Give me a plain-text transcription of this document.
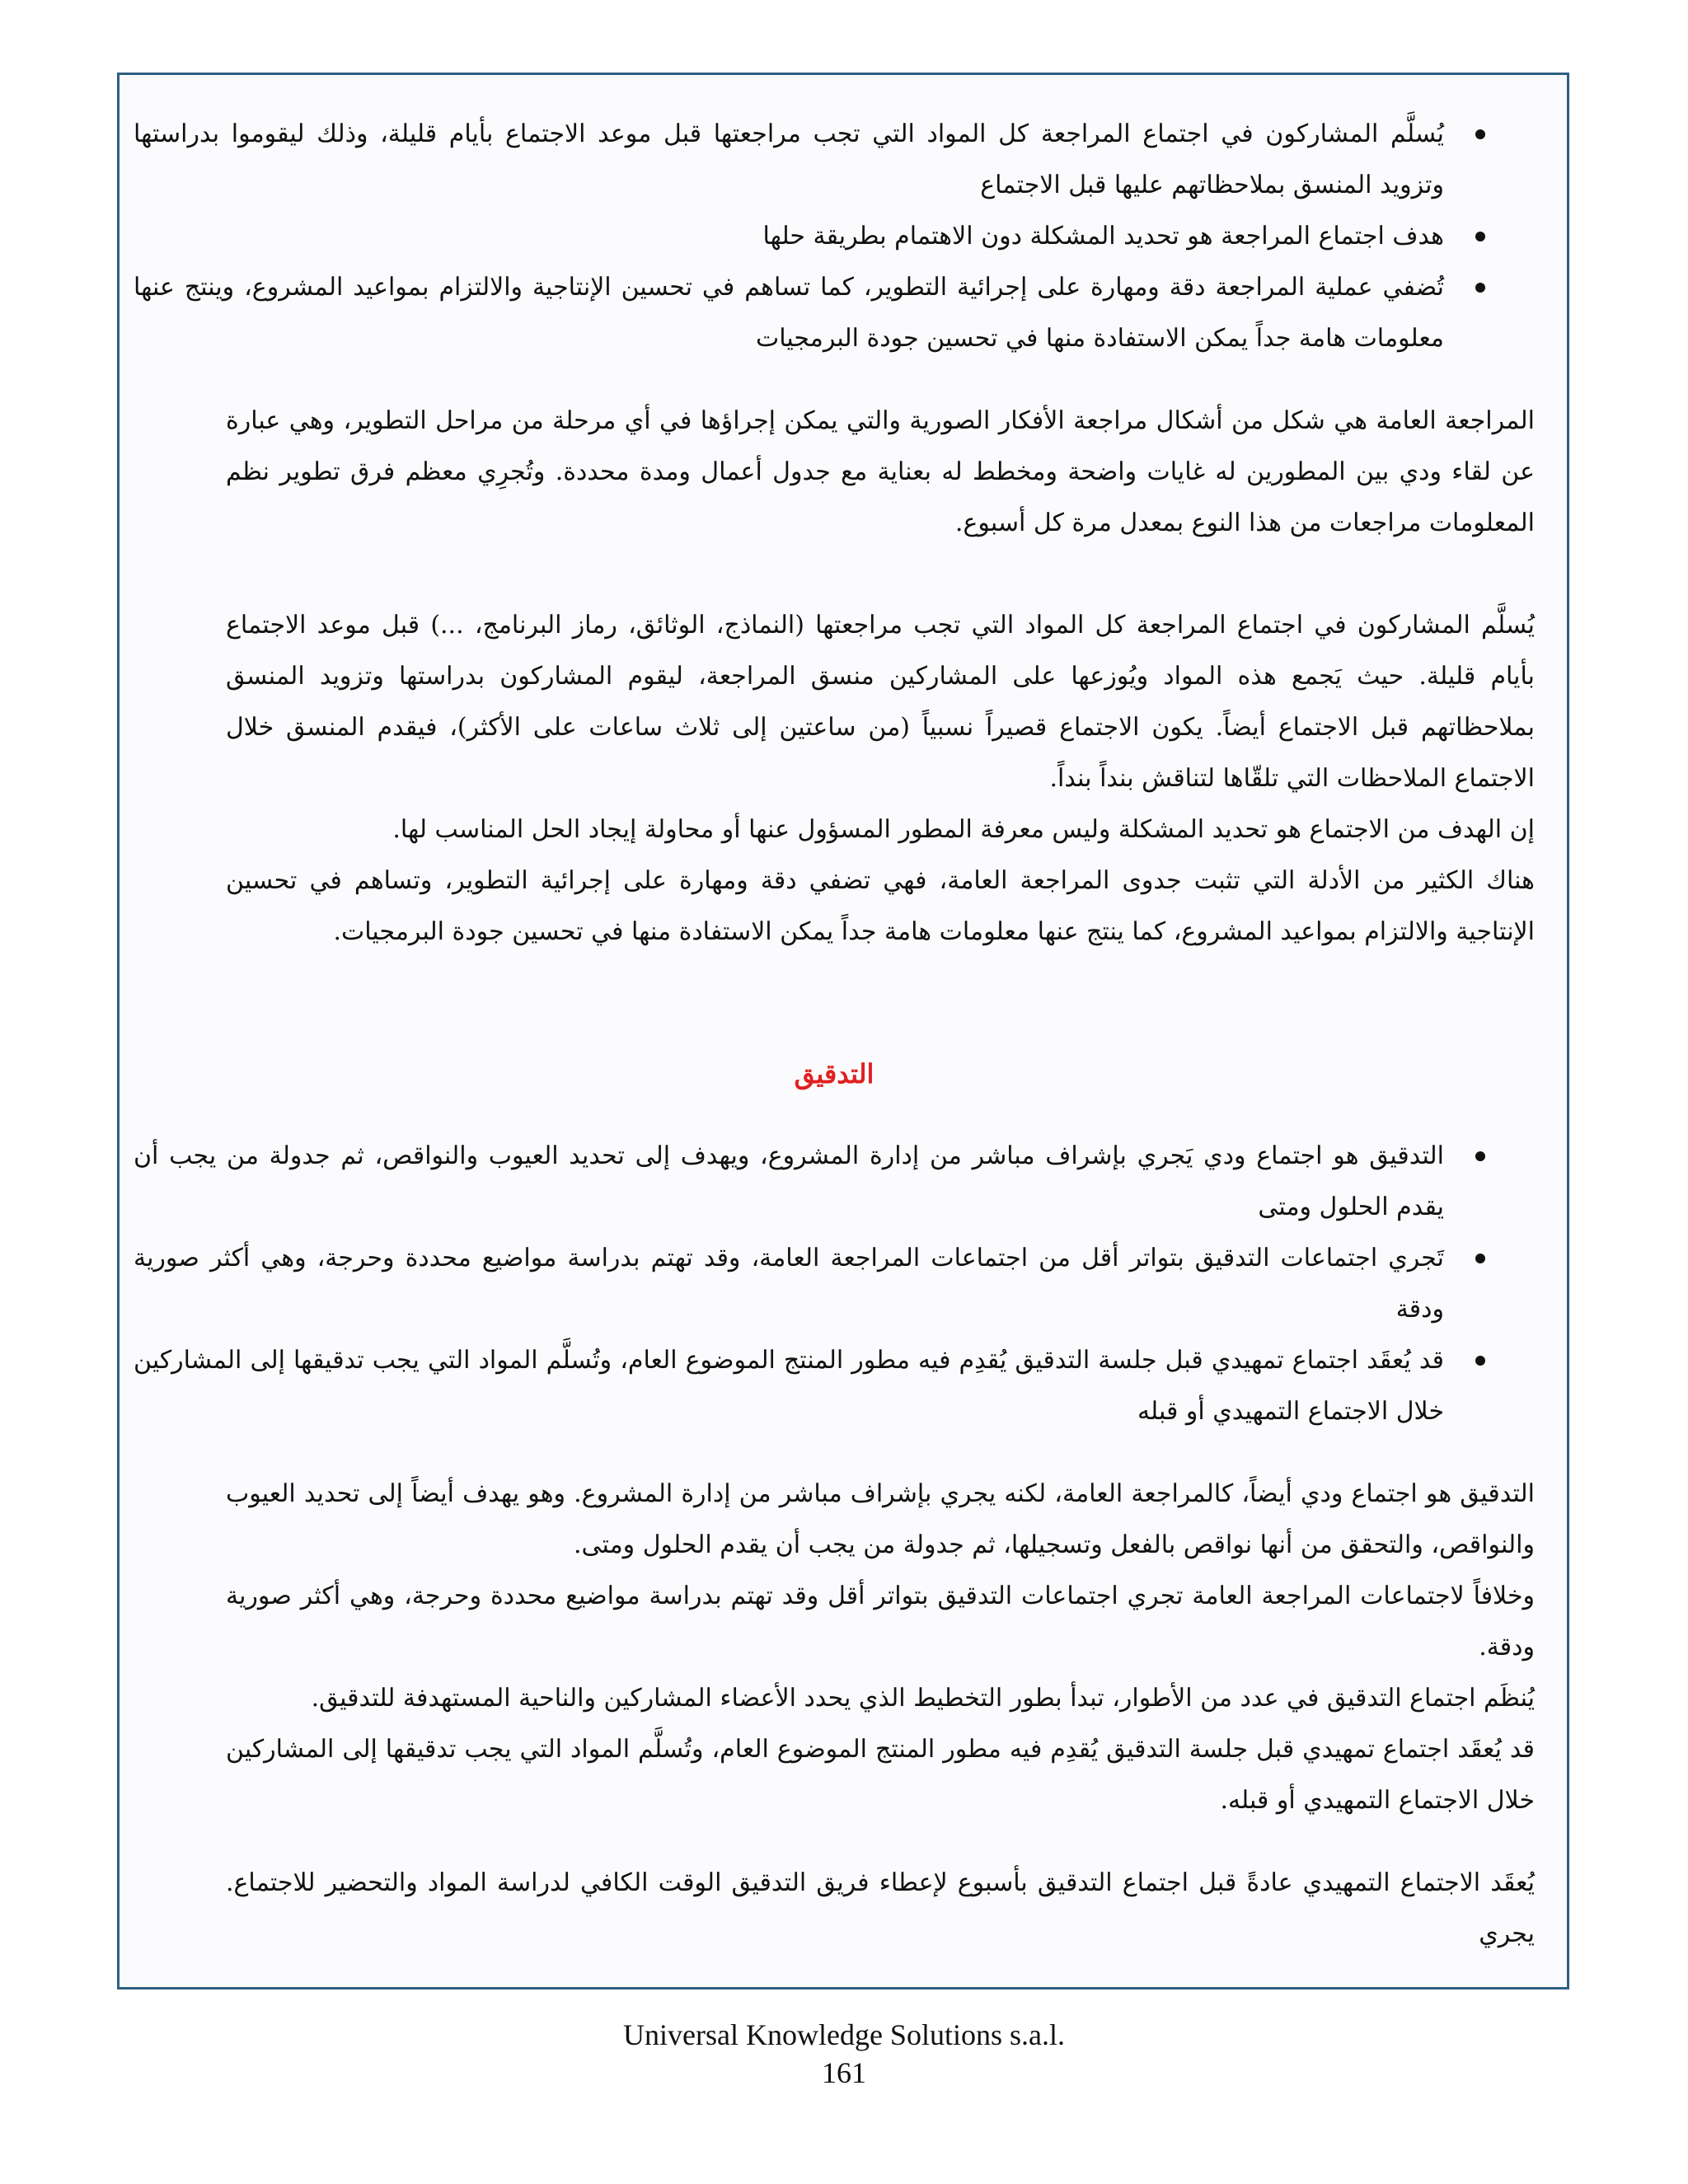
يُسلَّم المشاركون في اجتماع المراجعة كل المواد التي تجب مراجعتها قبل موعد الاجتماع بأيام قليلة، وذلك ليقوموا بدراستها وتزويد المنسق بملاحظاتهم عليها قبل الاجتماع
هدف اجتماع المراجعة هو تحديد المشكلة دون الاهتمام بطريقة حلها
تُضفي عملية المراجعة دقة ومهارة على إجرائية التطوير، كما تساهم في تحسين الإنتاجية والالتزام بمواعيد المشروع، وينتج عنها معلومات هامة جداً يمكن الاستفادة منها في تحسين جودة البرمجيات

المراجعة العامة هي شكل من أشكال مراجعة الأفكار الصورية والتي يمكن إجراؤها في أي مرحلة من مراحل التطوير، وهي عبارة عن لقاء ودي بين المطورين له غايات واضحة ومخطط له بعناية مع جدول أعمال ومدة محددة. وتُجرِي معظم فرق تطوير نظم المعلومات مراجعات من هذا النوع بمعدل مرة كل أسبوع.

يُسلَّم المشاركون في اجتماع المراجعة كل المواد التي تجب مراجعتها (النماذج، الوثائق، رماز البرنامج، ...) قبل موعد الاجتماع بأيام قليلة. حيث يَجمع هذه المواد ويُوزعها على المشاركين منسق المراجعة، ليقوم المشاركون بدراستها وتزويد المنسق بملاحظاتهم قبل الاجتماع أيضاً. يكون الاجتماع قصيراً نسبياً (من ساعتين إلى ثلاث ساعات على الأكثر)، فيقدم المنسق خلال الاجتماع الملاحظات التي تلقّاها لتناقش بنداً بنداً.

إن الهدف من الاجتماع هو تحديد المشكلة وليس معرفة المطور المسؤول عنها أو محاولة إيجاد الحل المناسب لها.

هناك الكثير من الأدلة التي تثبت جدوى المراجعة العامة، فهي تضفي دقة ومهارة على إجرائية التطوير، وتساهم في تحسين الإنتاجية والالتزام بمواعيد المشروع، كما ينتج عنها معلومات هامة جداً يمكن الاستفادة منها في تحسين جودة البرمجيات.

التدقيق
التدقيق هو اجتماع ودي يَجري بإشراف مباشر من إدارة المشروع، ويهدف إلى تحديد العيوب والنواقص، ثم جدولة من يجب أن يقدم الحلول ومتى
تَجري اجتماعات التدقيق بتواتر أقل من اجتماعات المراجعة العامة، وقد تهتم بدراسة مواضيع محددة وحرجة، وهي أكثر صورية ودقة
قد يُعقَد اجتماع تمهيدي قبل جلسة التدقيق يُقدِم فيه مطور المنتج الموضوع العام، وتُسلَّم المواد التي يجب تدقيقها إلى المشاركين خلال الاجتماع التمهيدي أو قبله

التدقيق هو اجتماع ودي أيضاً، كالمراجعة العامة، لكنه يجري بإشراف مباشر من إدارة المشروع. وهو يهدف أيضاً إلى تحديد العيوب والنواقص، والتحقق من أنها نواقص بالفعل وتسجيلها، ثم جدولة من يجب أن يقدم الحلول ومتى.

وخلافاً لاجتماعات المراجعة العامة تجري اجتماعات التدقيق بتواتر أقل وقد تهتم بدراسة مواضيع محددة وحرجة، وهي أكثر صورية ودقة.

يُنظَم اجتماع التدقيق في عدد من الأطوار، تبدأ بطور التخطيط الذي يحدد الأعضاء المشاركين والناحية المستهدفة للتدقيق.

قد يُعقَد اجتماع تمهيدي قبل جلسة التدقيق يُقدِم فيه مطور المنتج الموضوع العام، وتُسلَّم المواد التي يجب تدقيقها إلى المشاركين خلال الاجتماع التمهيدي أو قبله.

يُعقَد الاجتماع التمهيدي عادةً قبل اجتماع التدقيق بأسبوع لإعطاء فريق التدقيق الوقت الكافي لدراسة المواد والتحضير للاجتماع. يجري

Universal Knowledge Solutions s.a.l.
161
